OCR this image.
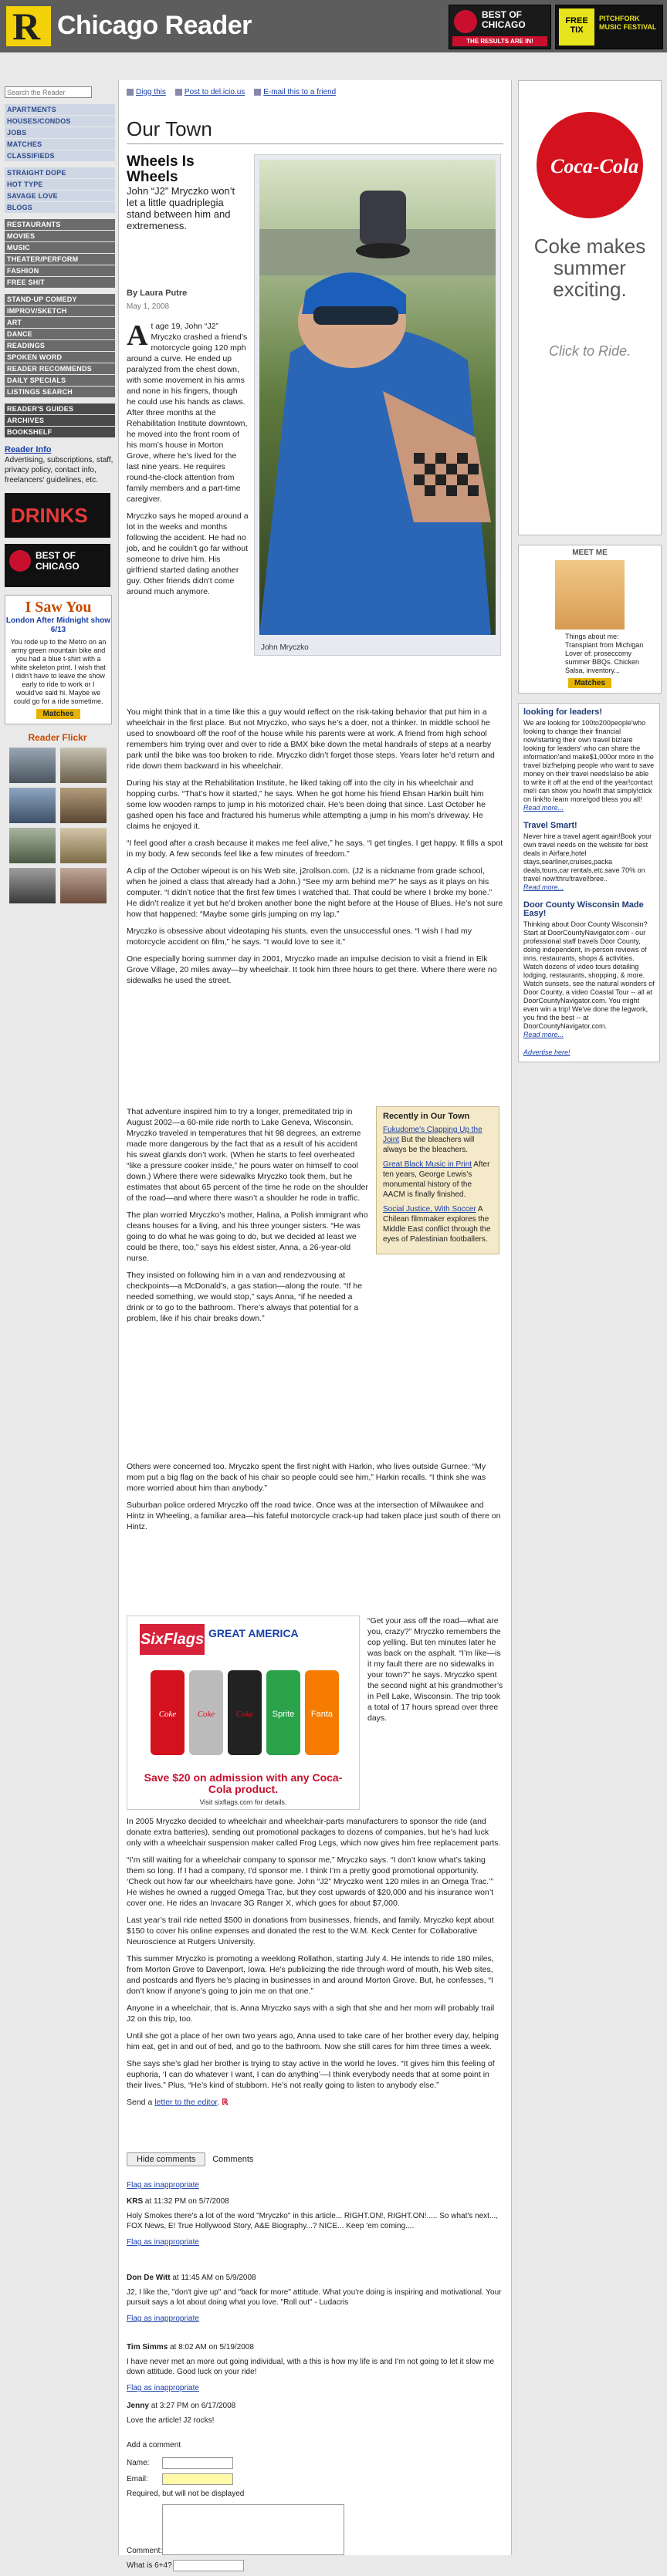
R Chicago Reader	BEST OF CHICAGO
THE RESULTS ARE IN!
FREE TIX
PITCHFORK MUSIC FESTIVAL
Search the Reader
APARTMENTS
HOUSES/CONDOS
JOBS
MATCHES
CLASSIFIEDS
STRAIGHT DOPE
HOT TYPE
SAVAGE LOVE
BLOGS
RESTAURANTS
MOVIES
MUSIC
THEATER/PERFORM
FASHION
FREE SHIT
STAND-UP COMEDY
IMPROV/SKETCH
ART
DANCE
READINGS
SPOKEN WORD
READER RECOMMENDS
DAILY SPECIALS
LISTINGS SEARCH
READER'S GUIDES
ARCHIVES
BOOKSHELF
Reader Info
Advertising, subscriptions, staff, privacy policy, contact info, freelancers' guidelines, etc.
DRINKS
BEST OF CHICAGO
I Saw You
London After Midnight show 6/13
You rode up to the Metro on an army green mountain bike and you had a blue t-shirt with a white skeleton print. I wish that I didn't have to leave the show early to ride to work or I would've said hi. Maybe we could go for a ride sometime.
Matches
Reader Flickr
Digg this	Post to del.icio.us	E-mail this to a friend
Our Town
Wheels Is Wheels
John “J2” Mryczko won’t let a little quadriplegia stand between him and extremeness.
By Laura Putre
May 1, 2008
John Mryczko

At age 19, John “J2” Mryczko crashed a friend’s motorcycle going 120 mph around a curve. He ended up paralyzed from the chest down, with some movement in his arms and none in his fingers, though he could use his hands as claws. After three months at the Rehabilitation Institute downtown, he moved into the front room of his mom’s house in Morton Grove, where he’s lived for the last nine years. He requires round-the-clock attention from family members and a part-time caregiver.

Mryczko says he moped around a lot in the weeks and months following the accident. He had no job, and he couldn’t go far without someone to drive him. His girlfriend started dating another guy. Other friends didn’t come around much anymore.

You might think that in a time like this a guy would reflect on the risk-taking behavior that put him in a wheelchair in the first place. But not Mryczko, who says he’s a doer, not a thinker. In middle school he used to snowboard off the roof of the house while his parents were at work. A friend from high school remembers him trying over and over to ride a BMX bike down the metal handrails of steps at a nearby park until the bike was too broken to ride. Mryczko didn’t forget those steps. Years later he’d return and ride down them backward in his wheelchair.

During his stay at the Rehabilitation Institute, he liked taking off into the city in his wheelchair and hopping curbs. “That’s how it started,” he says. When he got home his friend Ehsan Harkin built him some low wooden ramps to jump in his motorized chair. He’s been doing that since. Last October he gashed open his face and fractured his humerus while attempting a jump in his mom’s driveway. He claims he enjoyed it.

“I feel good after a crash because it makes me feel alive,” he says. “I get tingles. I get happy. It fills a spot in my body. A few seconds feel like a few minutes of freedom.”

A clip of the October wipeout is on his Web site, j2rollson.com. (J2 is a nickname from grade school, when he joined a class that already had a John.) “See my arm behind me?” he says as it plays on his computer. “I didn’t notice that the first few times I watched that. That could be where I broke my bone.” He didn’t realize it yet but he’d broken another bone the night before at the House of Blues. He’s not sure how that happened: “Maybe some girls jumping on my lap.”

Mryczko is obsessive about videotaping his stunts, even the unsuccessful ones. “I wish I had my motorcycle accident on film,” he says. “I would love to see it.”

One especially boring summer day in 2001, Mryczko made an impulse decision to visit a friend in Elk Grove Village, 20 miles away—by wheelchair. It took him three hours to get there. Where there were no sidewalks he used the street.

That adventure inspired him to try a longer, premeditated trip in August 2002—a 60-mile ride north to Lake Geneva, Wisconsin. Mryczko traveled in temperatures that hit 98 degrees, an extreme made more dangerous by the fact that as a result of his accident his sweat glands don’t work. (When he starts to feel overheated “like a pressure cooker inside,” he pours water on himself to cool down.) Where there were sidewalks Mryczko took them, but he estimates that about 65 percent of the time he rode on the shoulder of the road—and where there wasn’t a shoulder he rode in traffic.

The plan worried Mryczko’s mother, Halina, a Polish immigrant who cleans houses for a living, and his three younger sisters. “He was going to do what he was going to do, but we decided at least we could be there, too,” says his eldest sister, Anna, a 26-year-old nurse.

They insisted on following him in a van and rendezvousing at checkpoints—a McDonald’s, a gas station—along the route. “If he needed something, we would stop,” says Anna, “if he needed a drink or to go to the bathroom. There’s always that potential for a problem, like if his chair breaks down.”

Recently in Our Town
Fukudome's Clapping Up the Joint But the bleachers will always be the bleachers.
Great Black Music in Print After ten years, George Lewis's monumental history of the AACM is finally finished.
Social Justice, With Soccer A Chilean filmmaker explores the Middle East conflict through the eyes of Palestinian footballers.

Others were concerned too. Mryczko spent the first night with Harkin, who lives outside Gurnee. “My mom put a big flag on the back of his chair so people could see him,” Harkin recalls. “I think she was more worried about him than anybody.”

Suburban police ordered Mryczko off the road twice. Once was at the intersection of Milwaukee and Hintz in Wheeling, a familiar area—his fateful motorcycle crack-up had taken place just south of there on Hintz.

SixFlags GREAT AMERICA
Coke Coke Coke Sprite Fanta
Save $20 on admission with any Coca-Cola product.
Visit sixflags.com for details.

“Get your ass off the road—what are you, crazy?” Mryczko remembers the cop yelling. But ten minutes later he was back on the asphalt. “I’m like—is it my fault there are no sidewalks in your town?” he says. Mryczko spent the second night at his grandmother’s in Pell Lake, Wisconsin. The trip took a total of 17 hours spread over three days.

In 2005 Mryczko decided to wheelchair and wheelchair-parts manufacturers to sponsor the ride (and donate extra batteries), sending out promotional packages to dozens of companies, but he’s had luck only with a wheelchair suspension maker called Frog Legs, which now gives him free replacement parts.

“I’m still waiting for a wheelchair company to sponsor me,” Mryczko says. “I don’t know what’s taking them so long. If I had a company, I’d sponsor me. I think I’m a pretty good promotional opportunity. ‘Check out how far our wheelchairs have gone. John “J2” Mryczko went 120 miles in an Omega Trac.’” He wishes he owned a rugged Omega Trac, but they cost upwards of $20,000 and his insurance won’t cover one. He rides an Invacare 3G Ranger X, which goes for about $7,000.

Last year’s trail ride netted $500 in donations from businesses, friends, and family. Mryczko kept about $150 to cover his online expenses and donated the rest to the W.M. Keck Center for Collaborative Neuroscience at Rutgers University.

This summer Mryczko is promoting a weeklong Rollathon, starting July 4. He intends to ride 180 miles, from Morton Grove to Davenport, Iowa. He’s publicizing the ride through word of mouth, his Web sites, and postcards and flyers he’s placing in businesses in and around Morton Grove. But, he confesses, “I don’t know if anyone’s going to join me on that one.”

Anyone in a wheelchair, that is. Anna Mryczko says with a sigh that she and her mom will probably trail J2 on this trip, too.

Until she got a place of her own two years ago, Anna used to take care of her brother every day, helping him eat, get in and out of bed, and go to the bathroom. Now she still cares for him three times a week.

She says she’s glad her brother is trying to stay active in the world he loves. “It gives him this feeling of euphoria, ‘I can do whatever I want, I can do anything’—I think everybody needs that at some point in their lives.” Plus, “He’s kind of stubborn. He’s not really going to listen to anybody else.”

Send a letter to the editor. ℝ

Hide comments Comments
Flag as inappropriate
KRS at 11:32 PM on 5/7/2008
Holy Smokes there's a lot of the word "Mryczko" in this article... RIGHT.ON!, RIGHT.ON!..... So what's next..., FOX News, E! True Hollywood Story, A&E Biography...? NICE... Keep 'em coming....
Flag as inappropriate
Don De Witt at 11:45 AM on 5/9/2008
J2, I like the, "don't give up" and "back for more" attitude. What you're doing is inspiring and motivational. Your pursuit says a lot about doing what you love. "Roll out" - Ludacris
Flag as inappropriate
Tim Simms at 8:02 AM on 5/19/2008
I have never met an more out going individual, with a this is how my life is and I'm not going to let it slow me down attitude. Good luck on your ride!
Flag as inappropriate
Jenny at 3:27 PM on 6/17/2008
Love the article! J2 rocks!
Add a comment
Name:
Email:
Required, but will not be displayed
Comment:
What is 6+4?
Coca-Cola
Coke makes summer exciting.
Click to Ride.
MEET ME
Things about me: Transplant from Michigan Lover of: proseccomy summer BBQs. Chicken Salsa, inventory...
Matches
looking for leaders!
We are looking for 100to200people'who looking to change their financial now!starting their own travel biz!are looking for leaders' who can share the information'and make$1,000or more in the travel biz!helping people who want to save money on their travel needs!also be able to write it off at the end of the year!contact me!i can show you how!It that simply!click on link!to learn more!god bless you all!
Read more...
Travel Smart!
Never hire a travel agent again!Book your own travel needs on the website for best deals in Airfare,hotel stays,searliner,cruises,packa deals,tours,car rentals,etc.save 70% on travel now!thru!travel!bree..
Read more...
Door County Wisconsin Made Easy!
Thinking about Door County Wisconsin? Start at DoorCountyNavigator.com - our professional staff travels Door County, doing independent, in-person reviews of inns, restaurants, shops & activities. Watch dozens of video tours detailing lodging, restaurants, shopping, & more. Watch sunsets, see the natural wonders of Door County, a video Coastal Tour -- all at DoorCountyNavigator.com. You might even win a trip! We've done the legwork, you find the best -- at DoorCountyNavigator.com.
Read more...
Advertise here!
